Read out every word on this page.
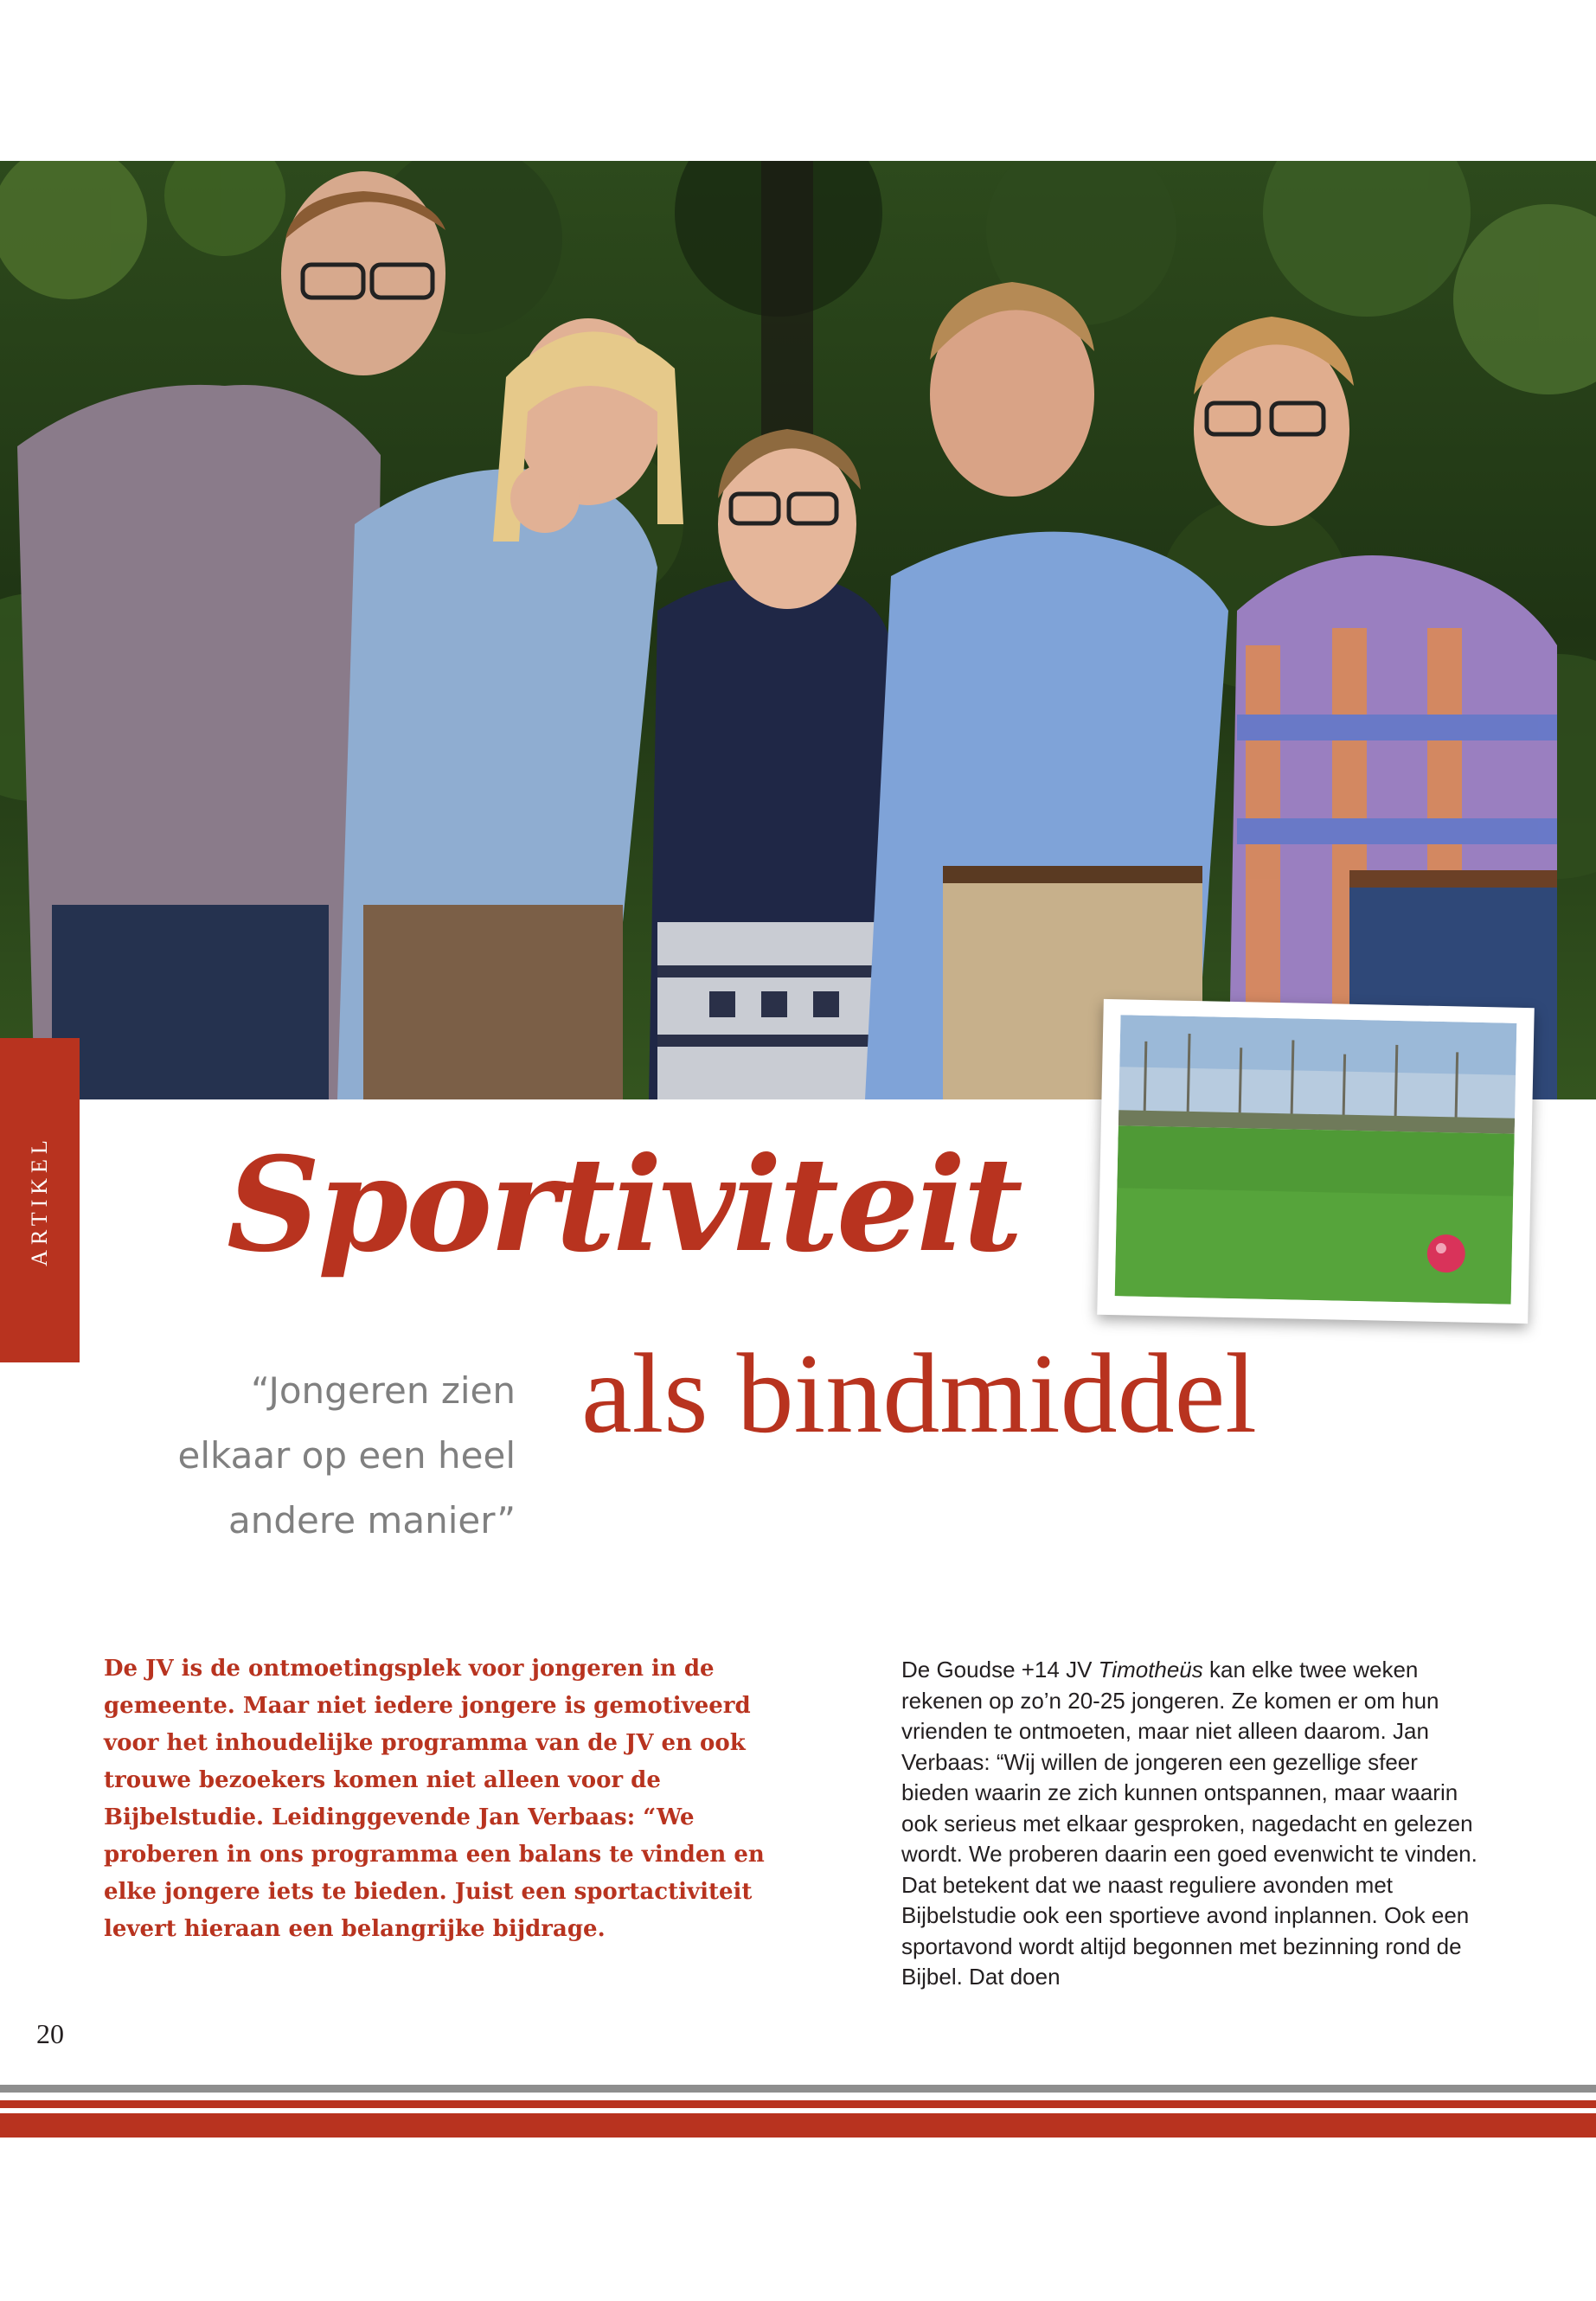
ARTIKEL Sportiviteit
als bindmiddel
“Jongeren zien elkaar op een heel andere manier”

De JV is de ontmoetingsplek voor jongeren in de gemeente. Maar niet iedere jongere is gemotiveerd voor het inhoudelijke programma van de JV en ook trouwe bezoekers komen niet alleen voor de Bijbelstudie. Leidinggevende Jan Verbaas: “We proberen in ons programma een balans te vinden en elke jongere iets te bieden. Juist een sportactiviteit levert hieraan een belangrijke bijdrage.

De Goudse +14 JV Timotheüs kan elke twee weken rekenen op zo’n 20-25 jongeren. Ze komen er om hun vrienden te ontmoeten, maar niet alleen daarom. Jan Verbaas: “Wij willen de jongeren een gezellige sfeer bieden waarin ze zich kunnen ontspannen, maar waarin ook serieus met elkaar gesproken, nagedacht en gelezen wordt. We proberen daarin een goed evenwicht te vinden. Dat betekent dat we naast reguliere avonden met Bijbelstudie ook een sportieve avond inplannen. Ook een sportavond wordt altijd begonnen met bezinning rond de Bijbel. Dat doen

20
